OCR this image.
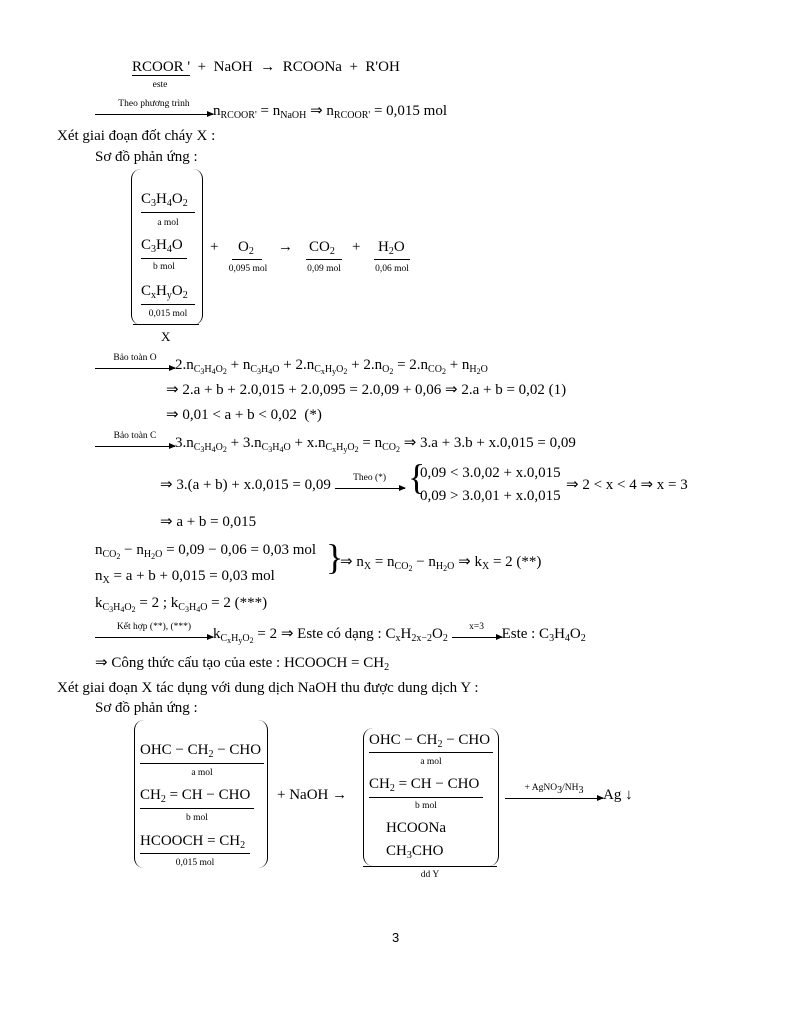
RCOOR ' + NaOH → RCOONa + R'OH
este
Theo phương trình	$n_{RCOOR'} = n_{NaOH}$ ⇒ $n_{RCOOR'} = 0,015$ mol
Xét giai đoạn đốt cháy X :
Sơ đồ phản ứng :
$C_3H_4O_2$
a mol
$C_3H_4O$
b mol
$C_xH_yO_2$
0,015 mol
X
+ $O_2$
0,095 mol
→ $CO_2$
0,09 mol
+ $H_2O$
0,06 mol
Bảo toàn O	$2.n_{C_3H_4O_2} + n_{C_3H_4O} + 2.n_{C_xH_yO_2} + 2.n_{O_2} = 2.n_{CO_2} + n_{H_2O}$
⇒ 2.a + b + 2.0,015 + 2.0,095 = 2.0,09 + 0,06 ⇒ 2.a + b = 0,02 (1)
⇒ 0,01 < a + b < 0,02  (*)
Bảo toàn C	$3.n_{C_3H_4O_2} + 3.n_{C_3H_4O} + x.n_{C_xH_yO_2} = n_{CO_2}$ ⇒ 3.a + 3.b + x.0,015 = 0,09
⇒ 3.(a + b) + x.0,015 = 0,09	Theo (*) {
0,09 < 3.0,02 + x.0,015
0,09 > 3.0,01 + x.0,015
⇒ 2 < x < 4 ⇒ x = 3
⇒ a + b = 0,015
$n_{CO_2} - n_{H_2O} = 0,09 - 0,06 = 0,03$ mol
$n_X = a + b + 0,015 = 0,03$ mol }
⇒ $n_X = n_{CO_2} - n_{H_2O}$ ⇒ $k_X = 2$ (**)
$k_{C_3H_4O_2} = 2$ ; $k_{C_3H_4O} = 2$ (***)
Kết hợp (**), (***)	$k_{C_xH_yO_2} = 2$ ⇒ Este có dạng : $C_xH_{2x-2}O_2$
x=3	Este : $C_3H_4O_2$
⇒ Công thức cấu tạo của este : HCOOCH = $CH_2$
Xét giai đoạn X tác dụng với dung dịch NaOH thu được dung dịch Y :
Sơ đồ phản ứng :
OHC − $CH_2$ − CHO
a mol
$CH_2$ = CH − CHO
b mol
HCOOCH = $CH_2$
0,015 mol
+ NaOH →
OHC − $CH_2$ − CHO
a mol
$CH_2$ = CH − CHO
b mol
HCOONa
$CH_3CHO$
dd Y
+ $AgNO_3/NH_3$	Ag ↓
3
